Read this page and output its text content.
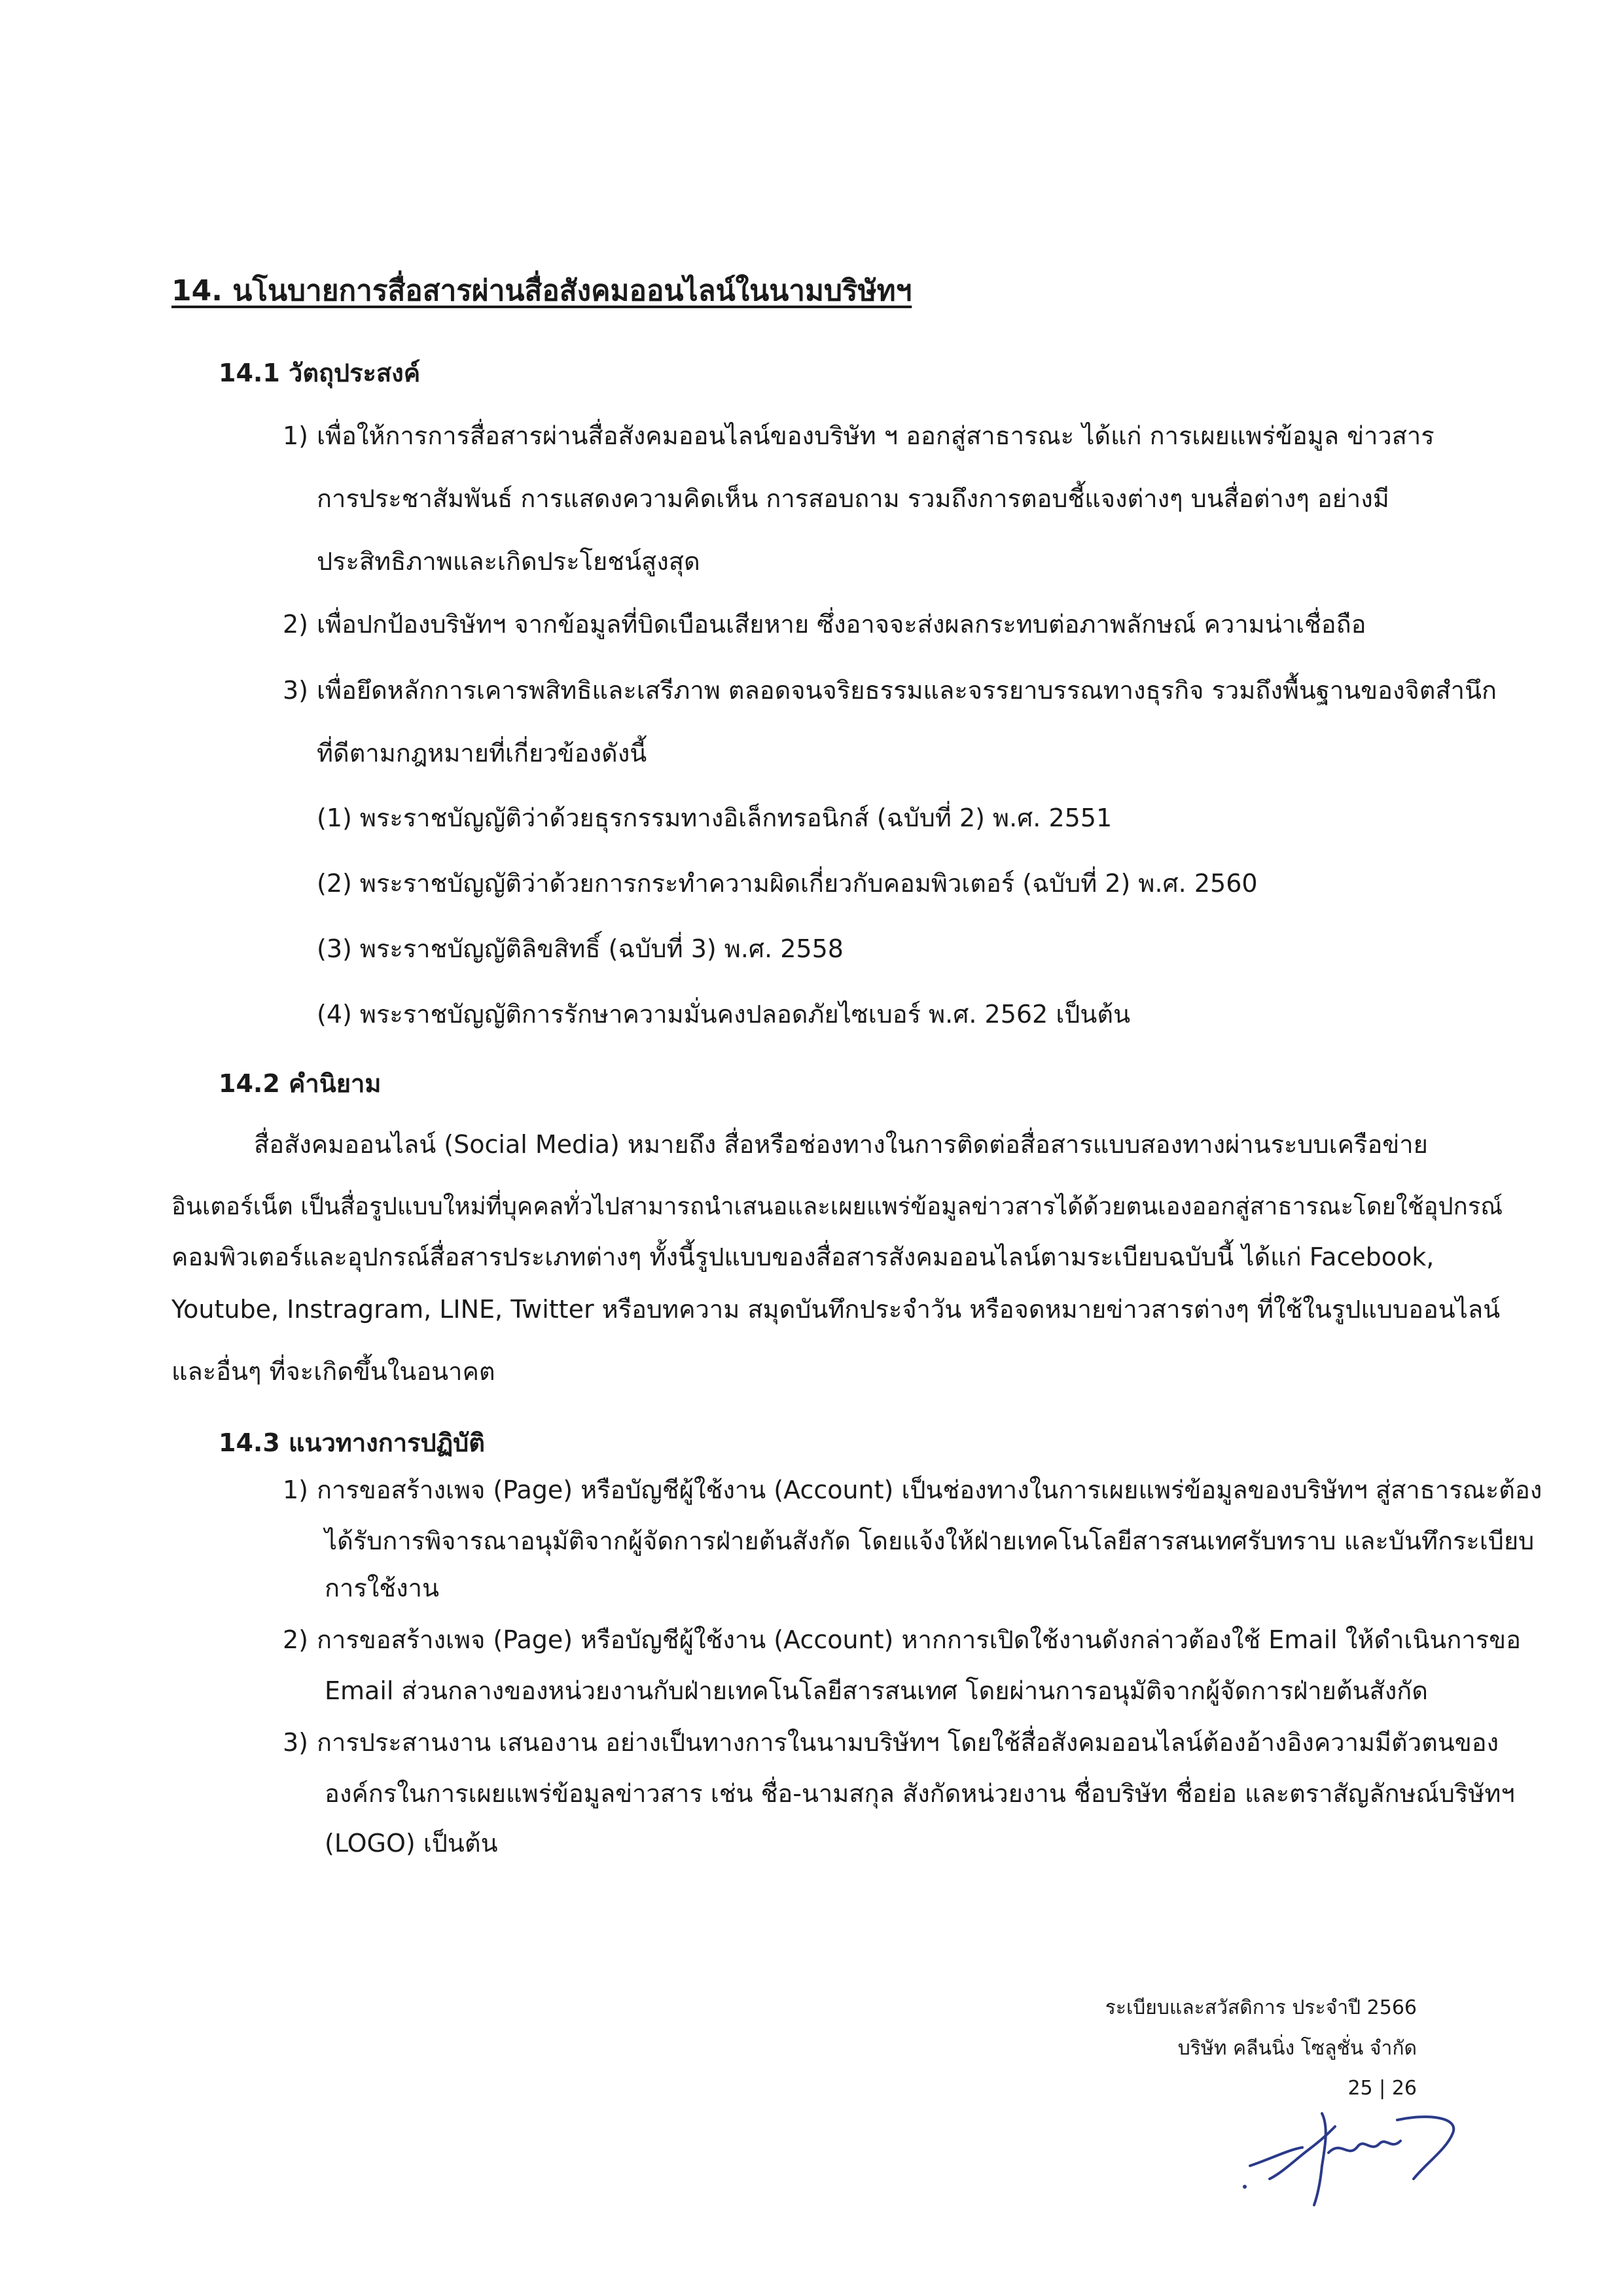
14. นโนบายการสื่อสารผ่านสื่อสังคมออนไลน์ในนามบริษัทฯ
14.1 วัตถุประสงค์
1) เพื่อให้การการสื่อสารผ่านสื่อสังคมออนไลน์ของบริษัท ฯ ออกสู่สาธารณะ ได้แก่ การเผยแพร่ข้อมูล ข่าวสาร
การประชาสัมพันธ์ การแสดงความคิดเห็น การสอบถาม รวมถึงการตอบชี้แจงต่างๆ บนสื่อต่างๆ อย่างมี
ประสิทธิภาพและเกิดประโยชน์สูงสุด
2) เพื่อปกป้องบริษัทฯ จากข้อมูลที่บิดเบือนเสียหาย ซึ่งอาจจะส่งผลกระทบต่อภาพลักษณ์ ความน่าเชื่อถือ
3) เพื่อยึดหลักการเคารพสิทธิและเสรีภาพ ตลอดจนจริยธรรมและจรรยาบรรณทางธุรกิจ รวมถึงพื้นฐานของจิตสำนึก
ที่ดีตามกฎหมายที่เกี่ยวข้องดังนี้
(1) พระราชบัญญัติว่าด้วยธุรกรรมทางอิเล็กทรอนิกส์ (ฉบับที่ 2) พ.ศ. 2551
(2) พระราชบัญญัติว่าด้วยการกระทำความผิดเกี่ยวกับคอมพิวเตอร์ (ฉบับที่ 2) พ.ศ. 2560
(3) พระราชบัญญัติลิขสิทธิ์ (ฉบับที่ 3) พ.ศ. 2558
(4) พระราชบัญญัติการรักษาความมั่นคงปลอดภัยไซเบอร์ พ.ศ. 2562 เป็นต้น
14.2 คำนิยาม
สื่อสังคมออนไลน์ (Social Media) หมายถึง สื่อหรือช่องทางในการติดต่อสื่อสารแบบสองทางผ่านระบบเครือข่าย
อินเตอร์เน็ต เป็นสื่อรูปแบบใหม่ที่บุคคลทั่วไปสามารถนำเสนอและเผยแพร่ข้อมูลข่าวสารได้ด้วยตนเองออกสู่สาธารณะโดยใช้อุปกรณ์
คอมพิวเตอร์และอุปกรณ์สื่อสารประเภทต่างๆ ทั้งนี้รูปแบบของสื่อสารสังคมออนไลน์ตามระเบียบฉบับนี้ ได้แก่ Facebook,
Youtube, Instragram, LINE, Twitter หรือบทความ สมุดบันทึกประจำวัน หรือจดหมายข่าวสารต่างๆ ที่ใช้ในรูปแบบออนไลน์
และอื่นๆ ที่จะเกิดขึ้นในอนาคต
14.3 แนวทางการปฏิบัติ
1) การขอสร้างเพจ (Page) หรือบัญชีผู้ใช้งาน (Account) เป็นช่องทางในการเผยแพร่ข้อมูลของบริษัทฯ สู่สาธารณะต้อง
ได้รับการพิจารณาอนุมัติจากผู้จัดการฝ่ายต้นสังกัด โดยแจ้งให้ฝ่ายเทคโนโลยีสารสนเทศรับทราบ และบันทึกระเบียบ
การใช้งาน
2) การขอสร้างเพจ (Page) หรือบัญชีผู้ใช้งาน (Account) หากการเปิดใช้งานดังกล่าวต้องใช้ Email ให้ดำเนินการขอ
Email ส่วนกลางของหน่วยงานกับฝ่ายเทคโนโลยีสารสนเทศ โดยผ่านการอนุมัติจากผู้จัดการฝ่ายต้นสังกัด
3) การประสานงาน เสนองาน อย่างเป็นทางการในนามบริษัทฯ โดยใช้สื่อสังคมออนไลน์ต้องอ้างอิงความมีตัวตนของ
องค์กรในการเผยแพร่ข้อมูลข่าวสาร เช่น ชื่อ-นามสกุล สังกัดหน่วยงาน ชื่อบริษัท ชื่อย่อ และตราสัญลักษณ์บริษัทฯ
(LOGO) เป็นต้น
ระเบียบและสวัสดิการ ประจำปี 2566
บริษัท คลีนนิ่ง โซลูชั่น จำกัด
25 | 26
